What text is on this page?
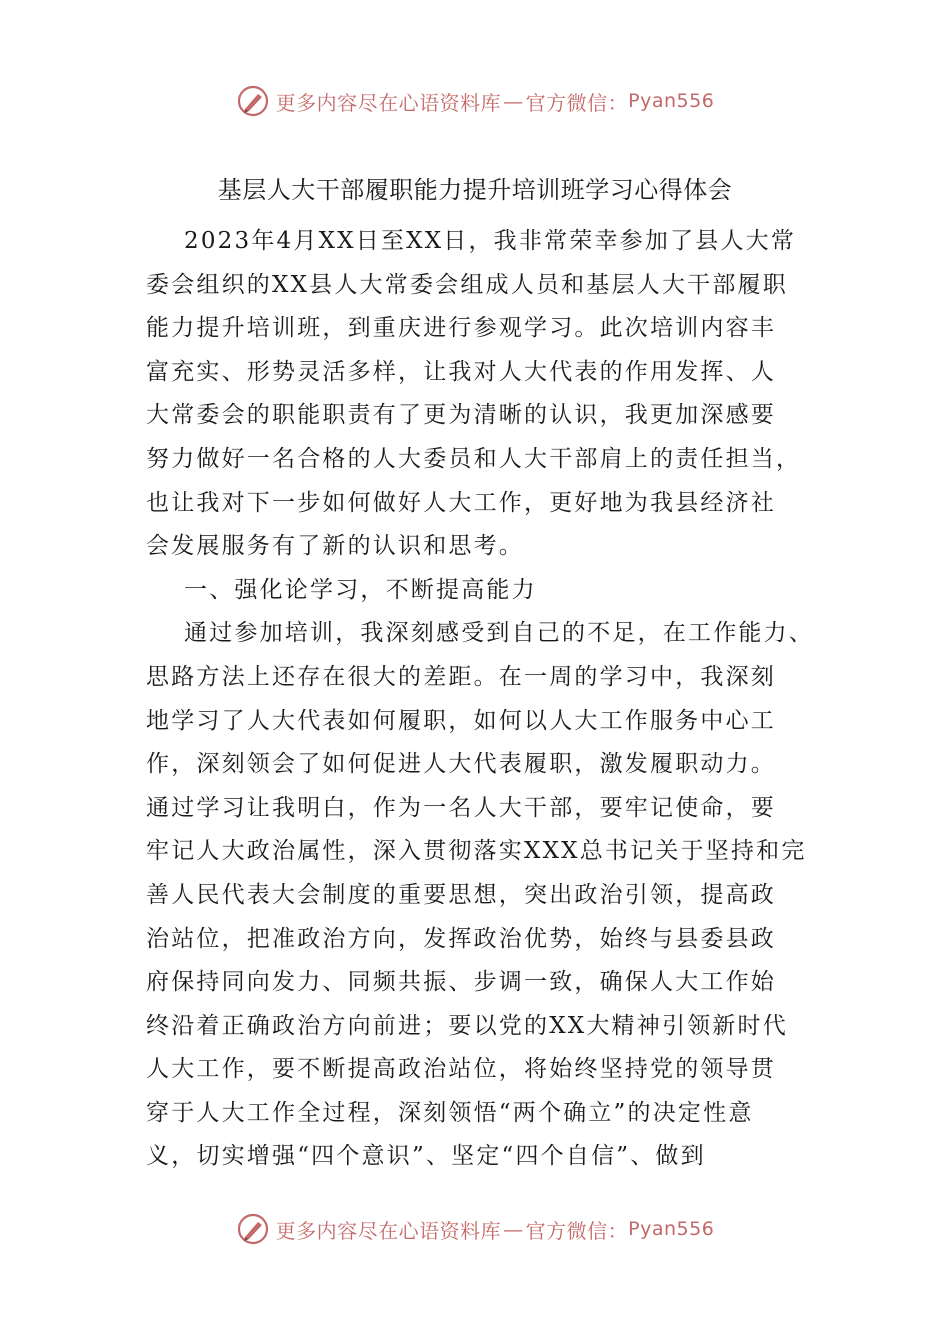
更多内容尽在心语资料库 — 官方微信： Pyan556
基层人大干部履职能力提升培训班学习心得体会
2023年4月XX日至XX日，我非常荣幸参加了县人大常
委会组织的XX县人大常委会组成人员和基层人大干部履职
能力提升培训班，到重庆进行参观学习。此次培训内容丰
富充实、形势灵活多样，让我对人大代表的作用发挥、人
大常委会的职能职责有了更为清晰的认识，我更加深感要
努力做好一名合格的人大委员和人大干部肩上的责任担当，
也让我对下一步如何做好人大工作，更好地为我县经济社
会发展服务有了新的认识和思考。
一、强化论学习，不断提高能力
通过参加培训，我深刻感受到自己的不足，在工作能力、
思路方法上还存在很大的差距。在一周的学习中，我深刻
地学习了人大代表如何履职，如何以人大工作服务中心工
作，深刻领会了如何促进人大代表履职，激发履职动力。
通过学习让我明白，作为一名人大干部，要牢记使命，要
牢记人大政治属性，深入贯彻落实XXX总书记关于坚持和完
善人民代表大会制度的重要思想，突出政治引领，提高政
治站位，把准政治方向，发挥政治优势，始终与县委县政
府保持同向发力、同频共振、步调一致，确保人大工作始
终沿着正确政治方向前进；要以党的XX大精神引领新时代
人大工作，要不断提高政治站位，将始终坚持党的领导贯
穿于人大工作全过程，深刻领悟“两个确立”的决定性意
义，切实增强“四个意识”、坚定“四个自信”、做到
更多内容尽在心语资料库 — 官方微信： Pyan556
